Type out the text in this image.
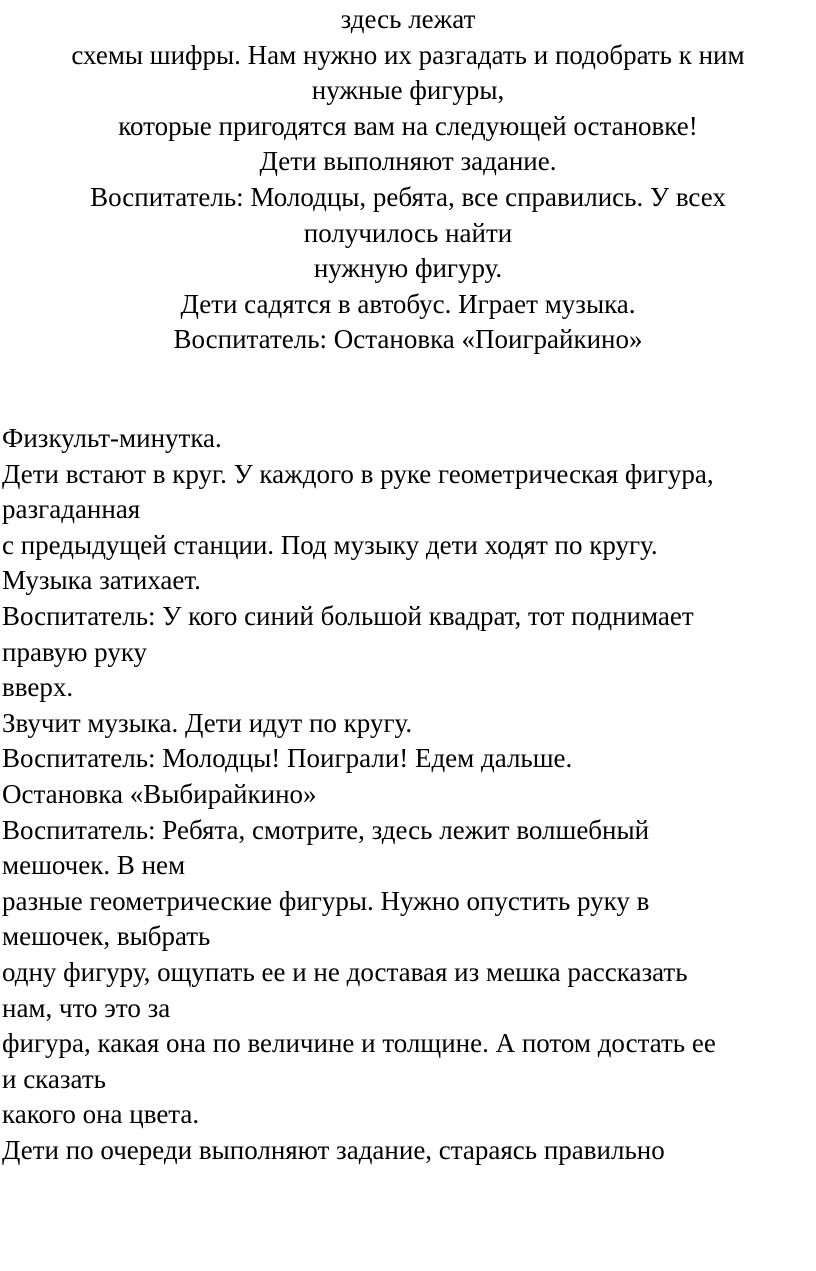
здесь лежат
схемы шифры. Нам нужно их разгадать и подобрать к ним
нужные фигуры,
которые пригодятся вам на следующей остановке!
Дети выполняют задание.
Воспитатель: Молодцы, ребята, все справились. У всех
получилось найти
нужную фигуру.
Дети садятся в автобус. Играет музыка.
Воспитатель: Остановка «Поиграйкино»
Физкульт-минутка.
Дети встают в круг. У каждого в руке геометрическая фигура,
разгаданная
с предыдущей станции. Под музыку дети ходят по кругу.
Музыка затихает.
Воспитатель: У кого синий большой квадрат, тот поднимает
правую руку
вверх.
Звучит музыка. Дети идут по кругу.
Воспитатель: Молодцы! Поиграли! Едем дальше.
Остановка «Выбирайкино»
Воспитатель: Ребята, смотрите, здесь лежит волшебный
мешочек. В нем
разные геометрические фигуры. Нужно опустить руку в
мешочек, выбрать
одну фигуру, ощупать ее и не доставая из мешка рассказать
нам, что это за
фигура, какая она по величине и толщине. А потом достать ее
и сказать
какого она цвета.
Дети по очереди выполняют задание, стараясь правильно
